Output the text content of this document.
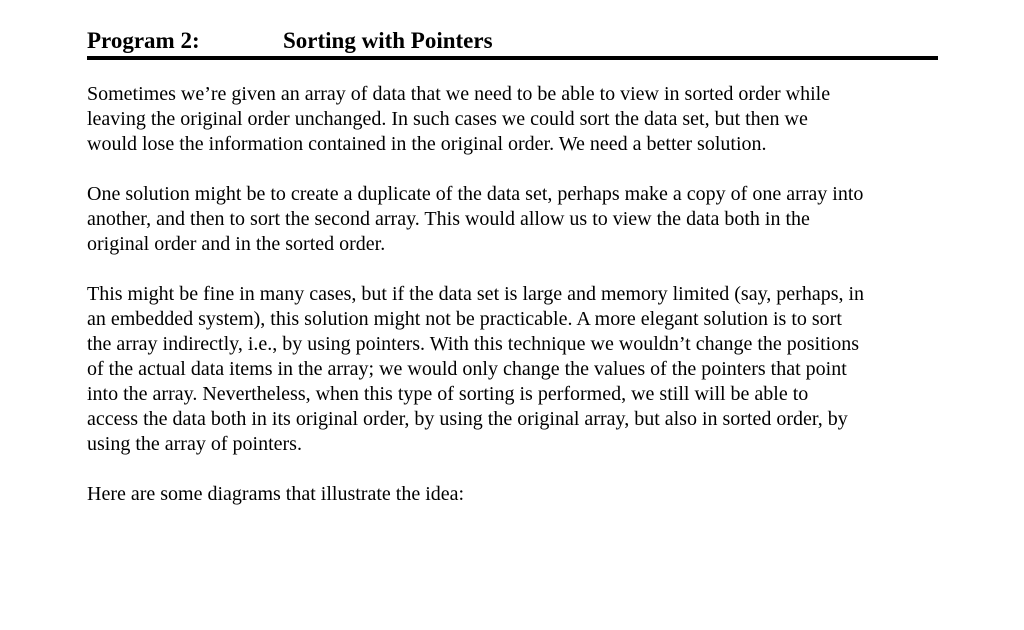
Program 2:	Sorting with Pointers

Sometimes we’re given an array of data that we need to be able to view in sorted order while
leaving the original order unchanged. In such cases we could sort the data set, but then we
would lose the information contained in the original order. We need a better solution.

One solution might be to create a duplicate of the data set, perhaps make a copy of one array into
another, and then to sort the second array. This would allow us to view the data both in the
original order and in the sorted order.

This might be fine in many cases, but if the data set is large and memory limited (say, perhaps, in
an embedded system), this solution might not be practicable. A more elegant solution is to sort
the array indirectly, i.e., by using pointers. With this technique we wouldn’t change the positions
of the actual data items in the array; we would only change the values of the pointers that point
into the array. Nevertheless, when this type of sorting is performed, we still will be able to
access the data both in its original order, by using the original array, but also in sorted order, by
using the array of pointers.

Here are some diagrams that illustrate the idea:
